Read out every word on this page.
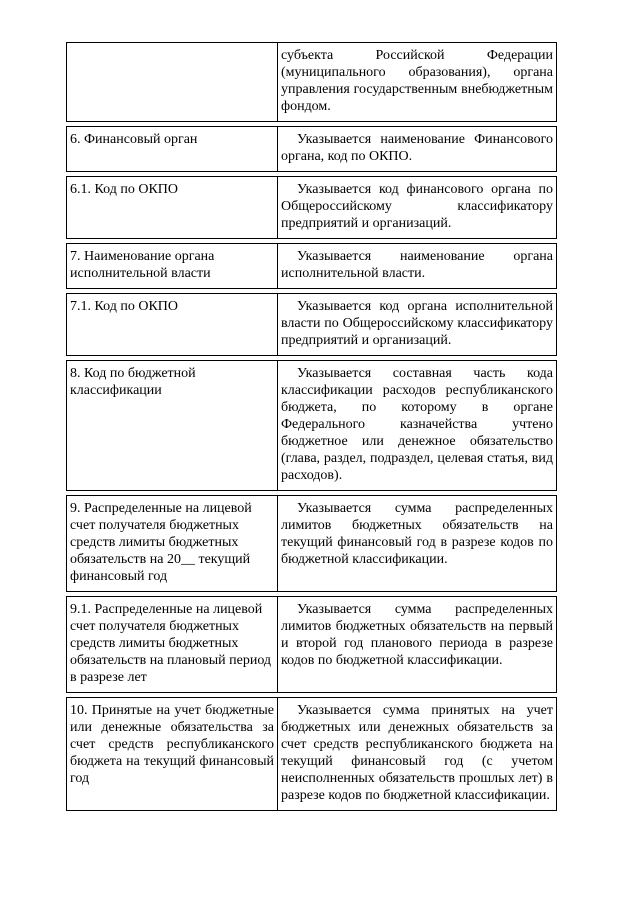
	субъекта Российской Федерации (муниципального образования), органа управления государственным внебюджетным фондом.

6. Финансовый орган	Указывается наименование Финансового органа, код по ОКПО.

6.1. Код по ОКПО	Указывается код финансового органа по Общероссийскому классификатору предприятий и организаций.

7. Наименование органа исполнительной власти	Указывается наименование органа исполнительной власти.

7.1. Код по ОКПО	Указывается код органа исполнительной власти по Общероссийскому классификатору предприятий и организаций.

8. Код по бюджетной классификации	Указывается составная часть кода классификации расходов республиканского бюджета, по которому в органе Федерального казначейства учтено бюджетное или денежное обязательство (глава, раздел, подраздел, целевая статья, вид расходов).

9. Распределенные на лицевой счет получателя бюджетных средств лимиты бюджетных обязательств на 20__ текущий финансовый год	Указывается сумма распределенных лимитов бюджетных обязательств на текущий финансовый год в разрезе кодов по бюджетной классификации.

9.1. Распределенные на лицевой счет получателя бюджетных средств лимиты бюджетных обязательств на плановый период в разрезе лет	Указывается сумма распределенных лимитов бюджетных обязательств на первый и второй год планового периода в разрезе кодов по бюджетной классификации.

10. Принятые на учет бюджетные или денежные обязательства за счет средств республиканского бюджета на текущий финансовый год	Указывается сумма принятых на учет бюджетных или денежных обязательств за счет средств республиканского бюджета на текущий финансовый год (с учетом неисполненных обязательств прошлых лет) в разрезе кодов по бюджетной классификации.
